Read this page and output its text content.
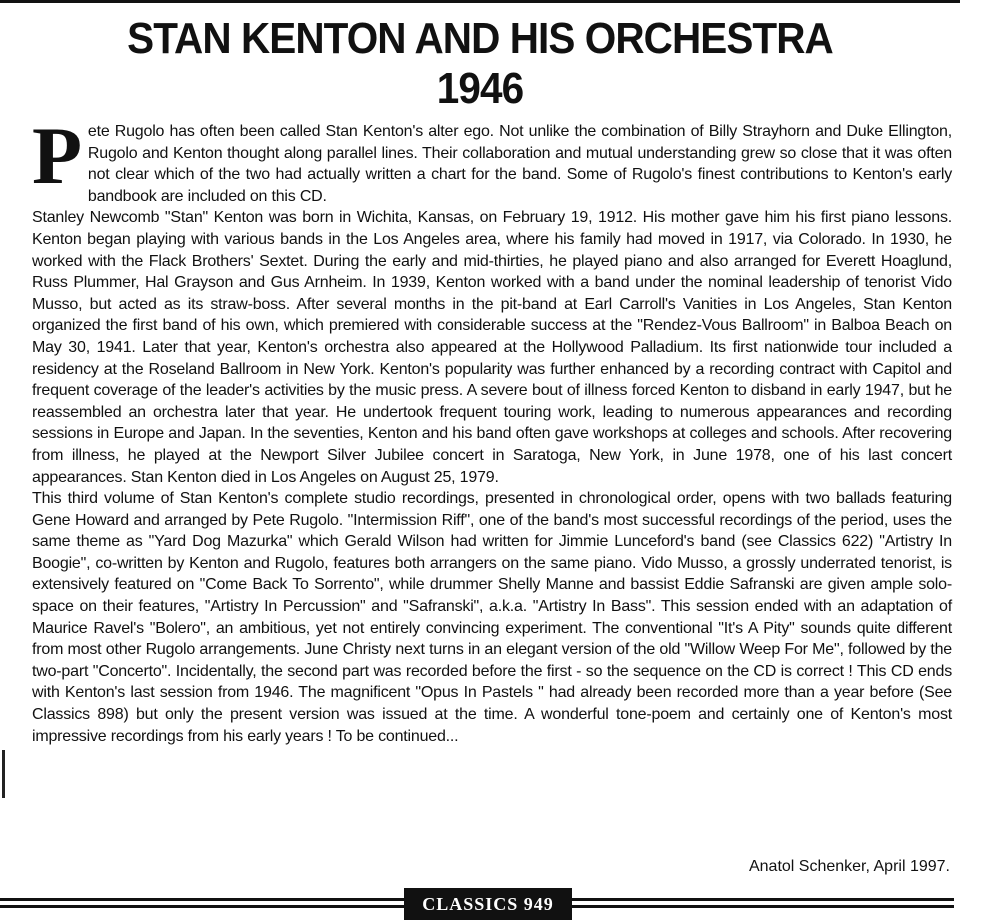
STAN KENTON AND HIS ORCHESTRA
1946

Pete Rugolo has often been called Stan Kenton's alter ego. Not unlike the combination of Billy Strayhorn and Duke Ellington, Rugolo and Kenton thought along parallel lines. Their collaboration and mutual understanding grew so close that it was often not clear which of the two had actually written a chart for the band. Some of Rugolo's finest contributions to Kenton's early bandbook are included on this CD.

Stanley Newcomb "Stan" Kenton was born in Wichita, Kansas, on February 19, 1912. His mother gave him his first piano lessons. Kenton began playing with various bands in the Los Angeles area, where his family had moved in 1917, via Colorado. In 1930, he worked with the Flack Brothers' Sextet. During the early and mid-thirties, he played piano and also arranged for Everett Hoaglund, Russ Plummer, Hal Grayson and Gus Arnheim. In 1939, Kenton worked with a band under the nominal leadership of tenorist Vido Musso, but acted as its straw-boss. After several months in the pit-band at Earl Carroll's Vanities in Los Angeles, Stan Kenton organized the first band of his own, which premiered with considerable success at the "Rendez-Vous Ballroom" in Balboa Beach on May 30, 1941. Later that year, Kenton's orchestra also appeared at the Hollywood Palladium. Its first nationwide tour included a residency at the Roseland Ballroom in New York. Kenton's popularity was further enhanced by a recording contract with Capitol and frequent coverage of the leader's activities by the music press. A severe bout of illness forced Kenton to disband in early 1947, but he reassembled an orchestra later that year. He undertook frequent touring work, leading to numerous appearances and recording sessions in Europe and Japan. In the seventies, Kenton and his band often gave workshops at colleges and schools. After recovering from illness, he played at the Newport Silver Jubilee concert in Saratoga, New York, in June 1978, one of his last concert appearances. Stan Kenton died in Los Angeles on August 25, 1979.

This third volume of Stan Kenton's complete studio recordings, presented in chronological order, opens with two ballads featuring Gene Howard and arranged by Pete Rugolo. "Intermission Riff", one of the band's most successful recordings of the period, uses the same theme as "Yard Dog Mazurka" which Gerald Wilson had written for Jimmie Lunceford's band (see Classics 622) "Artistry In Boogie", co-written by Kenton and Rugolo, features both arrangers on the same piano. Vido Musso, a grossly underrated tenorist, is extensively featured on "Come Back To Sorrento", while drummer Shelly Manne and bassist Eddie Safranski are given ample solo-space on their features, "Artistry In Percussion" and "Safranski", a.k.a. "Artistry In Bass". This session ended with an adaptation of Maurice Ravel's "Bolero", an ambitious, yet not entirely convincing experiment. The conventional "It's A Pity" sounds quite different from most other Rugolo arrangements. June Christy next turns in an elegant version of the old "Willow Weep For Me", followed by the two-part "Concerto". Incidentally, the second part was recorded before the first - so the sequence on the CD is correct ! This CD ends with Kenton's last session from 1946. The magnificent "Opus In Pastels " had already been recorded more than a year before (See Classics 898) but only the present version was issued at the time. A wonderful tone-poem and certainly one of Kenton's most impressive recordings from his early years ! To be continued...

Anatol Schenker, April 1997.
CLASSICS 949
